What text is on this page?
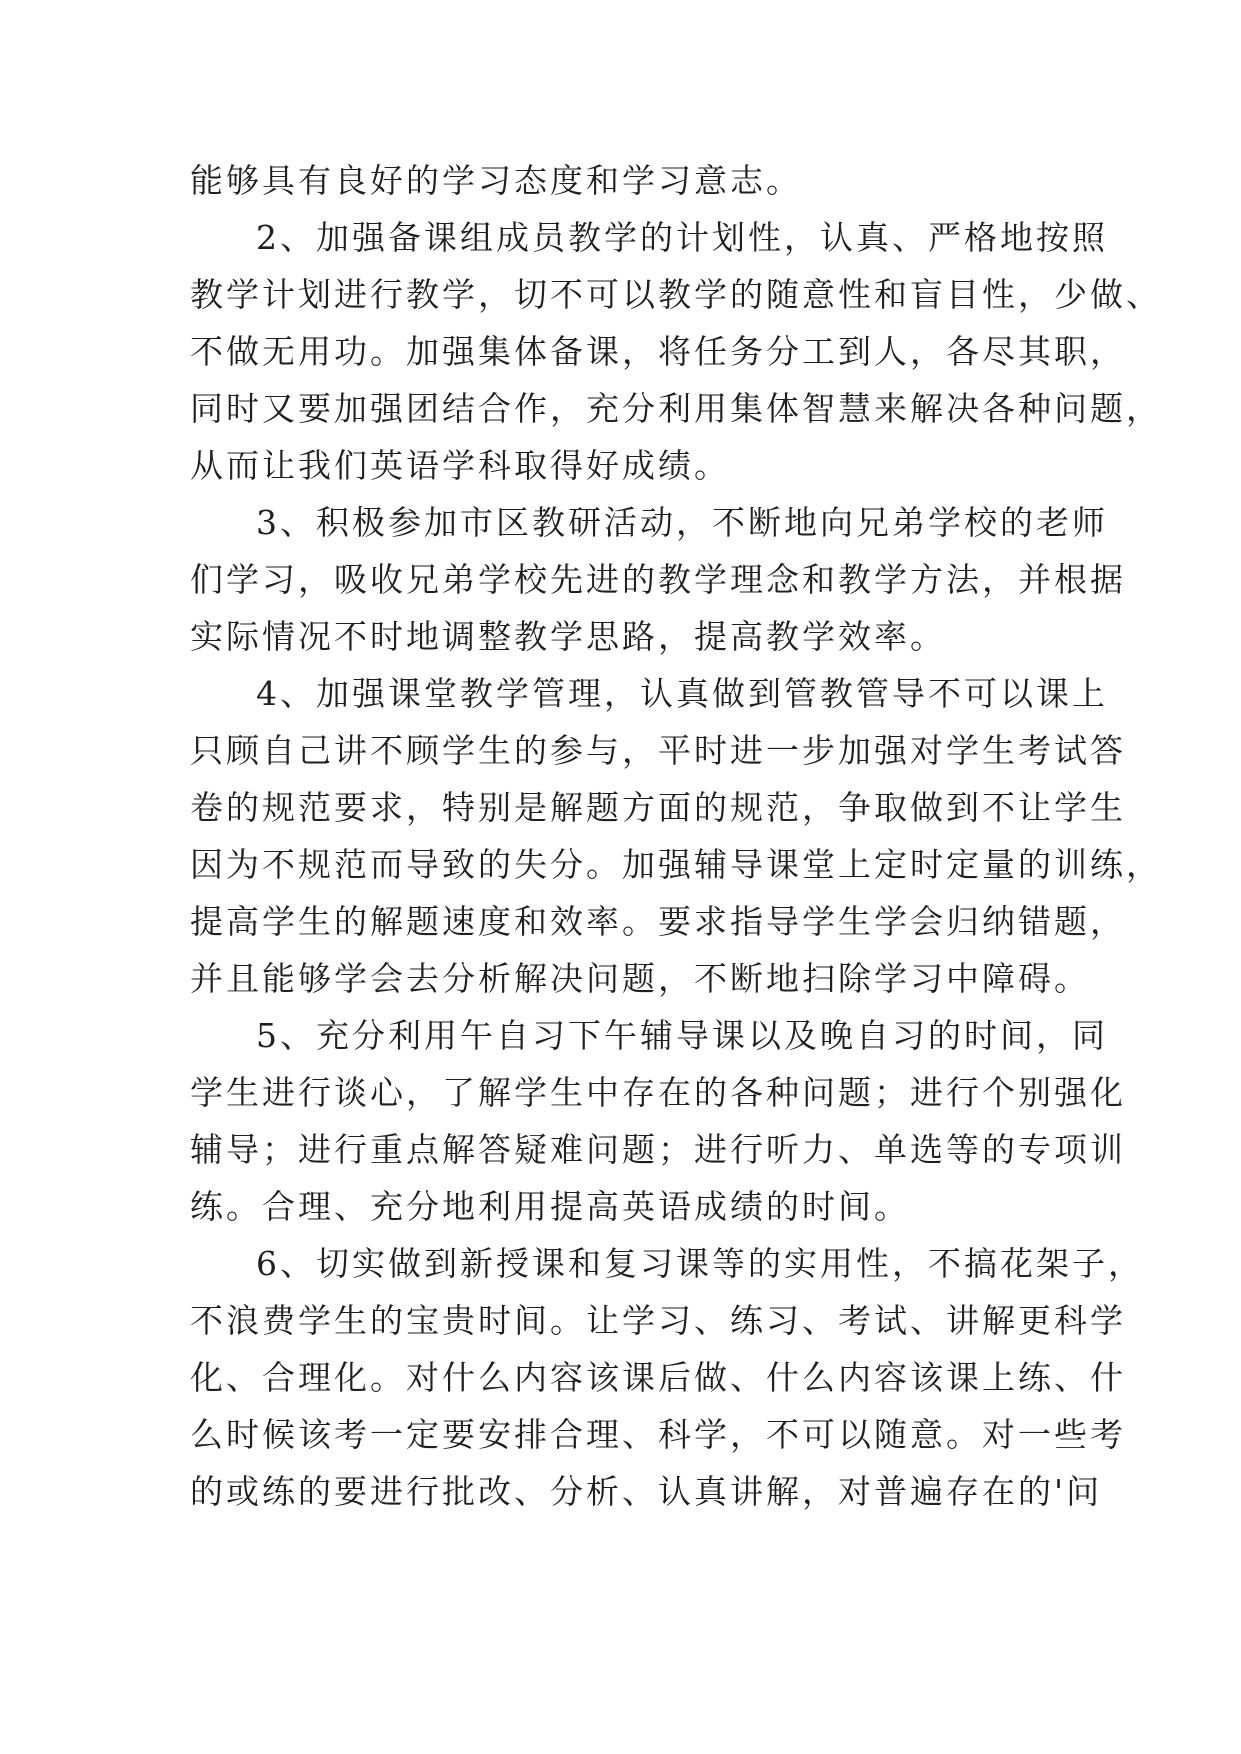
能够具有良好的学习态度和学习意志。
2、加强备课组成员教学的计划性，认真、严格地按照
教学计划进行教学，切不可以教学的随意性和盲目性，少做、
不做无用功。加强集体备课，将任务分工到人，各尽其职，
同时又要加强团结合作，充分利用集体智慧来解决各种问题，
从而让我们英语学科取得好成绩。
3、积极参加市区教研活动，不断地向兄弟学校的老师
们学习，吸收兄弟学校先进的教学理念和教学方法，并根据
实际情况不时地调整教学思路，提高教学效率。
4、加强课堂教学管理，认真做到管教管导不可以课上
只顾自己讲不顾学生的参与，平时进一步加强对学生考试答
卷的规范要求，特别是解题方面的规范，争取做到不让学生
因为不规范而导致的失分。加强辅导课堂上定时定量的训练，
提高学生的解题速度和效率。要求指导学生学会归纳错题，
并且能够学会去分析解决问题，不断地扫除学习中障碍。
5、充分利用午自习下午辅导课以及晚自习的时间，同
学生进行谈心，了解学生中存在的各种问题；进行个别强化
辅导；进行重点解答疑难问题；进行听力、单选等的专项训
练。合理、充分地利用提高英语成绩的时间。
6、切实做到新授课和复习课等的实用性，不搞花架子，
不浪费学生的宝贵时间。让学习、练习、考试、讲解更科学
化、合理化。对什么内容该课后做、什么内容该课上练、什
么时候该考一定要安排合理、科学，不可以随意。对一些考
的或练的要进行批改、分析、认真讲解，对普遍存在的'问
